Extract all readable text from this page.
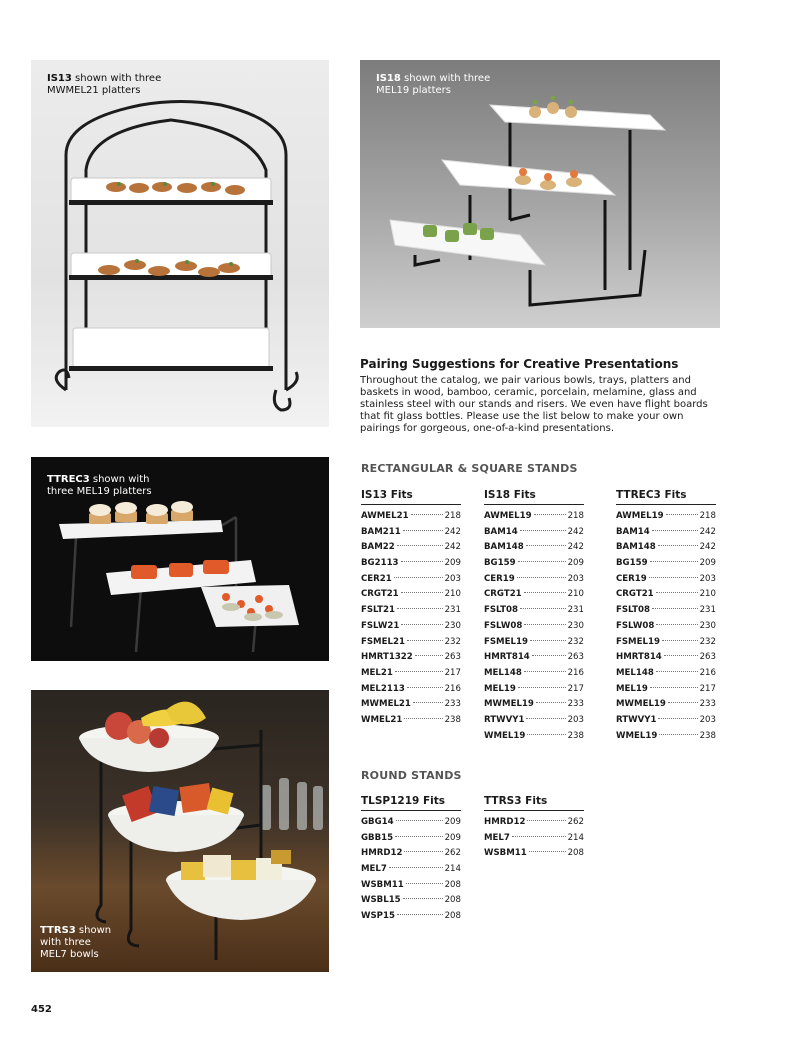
IS13 shown with three
MWMEL21 platters
IS18 shown with three
MEL19 platters
TTREC3 shown with
three MEL19 platters
TTRS3 shown
with three
MEL7 bowls
Pairing Suggestions for Creative Presentations

Throughout the catalog, we pair various bowls, trays, platters and baskets in wood, bamboo, ceramic, porcelain, melamine, glass and stainless steel with our stands and risers. We even have flight boards that fit glass bottles. Please use the list below to make your own pairings for gorgeous, one-of-a-kind presentations.

RECTANGULAR & SQUARE STANDS
ROUND STANDS
IS13 Fits
AWMEL21	218
BAM211	242
BAM22	242
BG2113	209
CER21	203
CRGT21	210
FSLT21	231
FSLW21	230
FSMEL21	232
HMRT1322	263
MEL21	217
MEL2113	216
MWMEL21	233
WMEL21	238
IS18 Fits
AWMEL19	218
BAM14	242
BAM148	242
BG159	209
CER19	203
CRGT21	210
FSLT08	231
FSLW08	230
FSMEL19	232
HMRT814	263
MEL148	216
MEL19	217
MWMEL19	233
RTWVY1	203
WMEL19	238
TTREC3 Fits
AWMEL19	218
BAM14	242
BAM148	242
BG159	209
CER19	203
CRGT21	210
FSLT08	231
FSLW08	230
FSMEL19	232
HMRT814	263
MEL148	216
MEL19	217
MWMEL19	233
RTWVY1	203
WMEL19	238
TLSP1219 Fits
GBG14	209
GBB15	209
HMRD12	262
MEL7	214
WSBM11	208
WSBL15	208
WSP15	208
TTRS3 Fits
HMRD12	262
MEL7	214
WSBM11	208
452
